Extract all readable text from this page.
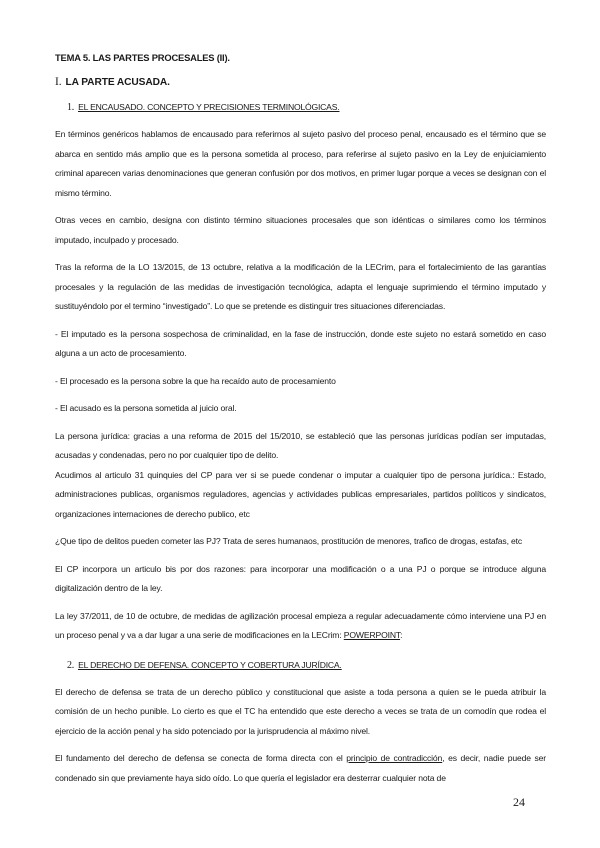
TEMA 5. LAS PARTES PROCESALES (II).
I. LA PARTE ACUSADA.
1. EL ENCAUSADO. CONCEPTO Y PRECISIONES TERMINOLÓGICAS.

En términos genéricos hablamos de encausado para referirnos al sujeto pasivo del proceso penal, encausado es el término que se abarca en sentido más amplio que es la persona sometida al proceso, para referirse al sujeto pasivo en la Ley de enjuiciamiento criminal aparecen varias denominaciones que generan confusión por dos motivos, en primer lugar porque a veces se designan con el mismo término.

Otras veces en cambio, designa con distinto término situaciones procesales que son idénticas o similares como los términos imputado, inculpado y procesado.

Tras la reforma de la LO 13/2015, de 13 octubre, relativa a la modificación de la LECrim, para el fortalecimiento de las garantías procesales y la regulación de las medidas de investigación tecnológica, adapta el lenguaje suprimiendo el término imputado y sustituyéndolo por el termino “investigado”. Lo que se pretende es distinguir tres situaciones diferenciadas.

- El imputado es la persona sospechosa de criminalidad, en la fase de instrucción, donde este sujeto no estará sometido en caso alguna a un acto de procesamiento.

- El procesado es la persona sobre la que ha recaído auto de procesamiento

- El acusado es la persona sometida al juicio oral.

La persona jurídica: gracias a una reforma de 2015 del 15/2010, se estableció que las personas jurídicas podían ser imputadas, acusadas y condenadas, pero no por cualquier tipo de delito.

Acudimos al articulo 31 quinquies del CP para ver si se puede condenar o imputar a cualquier tipo de persona jurídica.: Estado, administraciones publicas, organismos reguladores, agencias y actividades publicas empresariales, partidos políticos y sindicatos, organizaciones internaciones de derecho publico, etc

¿Que tipo de delitos pueden cometer las PJ? Trata de seres humanaos, prostitución de menores, trafico de drogas, estafas, etc

El CP incorpora un articulo bis por dos razones: para incorporar una modificación o a una PJ o porque se introduce alguna digitalización dentro de la ley.

La ley 37/2011, de 10 de octubre, de medidas de agilización procesal empieza a regular adecuadamente cómo interviene una PJ en un proceso penal y va a dar lugar a una serie de modificaciones en la LECrim: POWERPOINT:

2. EL DERECHO DE DEFENSA. CONCEPTO Y COBERTURA JURÍDICA.

El derecho de defensa se trata de un derecho público y constitucional que asiste a toda persona a quien se le pueda atribuir la comisión de un hecho punible. Lo cierto es que el TC ha entendido que este derecho a veces se trata de un comodín que rodea el ejercicio de la acción penal y ha sido potenciado por la jurisprudencia al máximo nivel.

El fundamento del derecho de defensa se conecta de forma directa con el principio de contradicción, es decir, nadie puede ser condenado sin que previamente haya sido oído. Lo que quería el legislador era desterrar cualquier nota de

24
